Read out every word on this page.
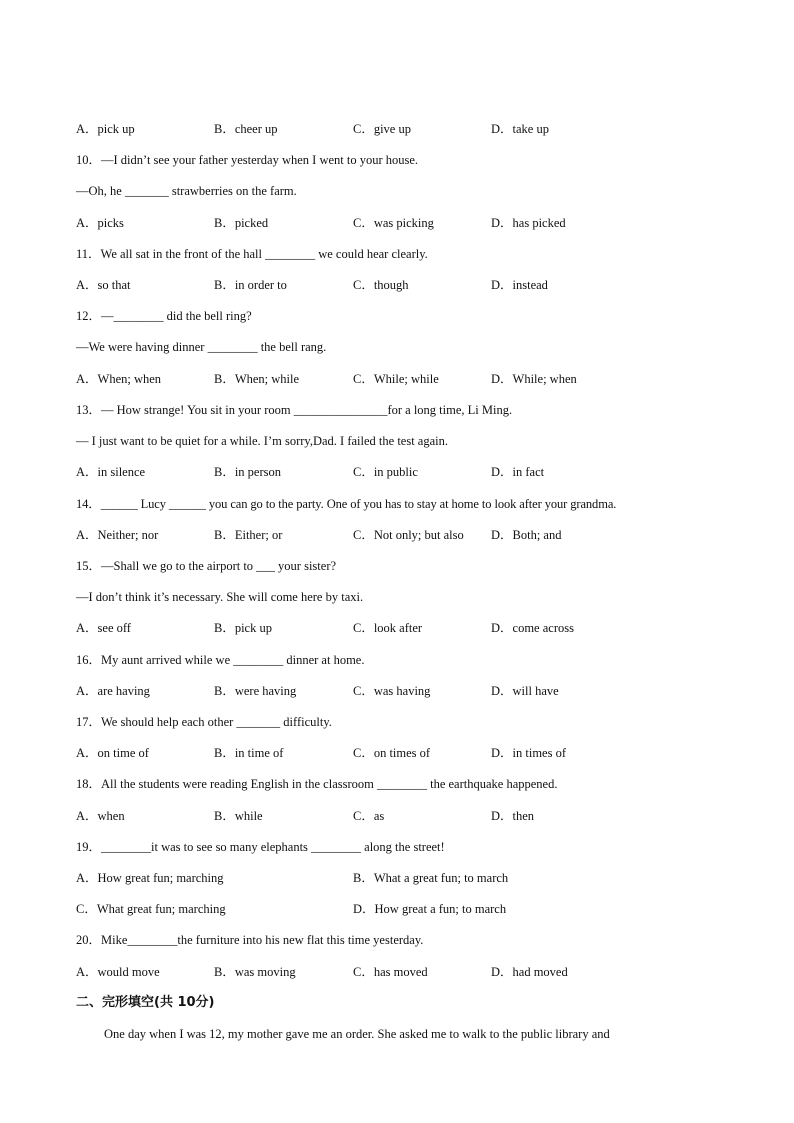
A．pick up	B．cheer up	C．give up	D．take up
10．—I didn’t see your father yesterday when I went to your house.
—Oh, he _______ strawberries on the farm.
A．picks	B．picked	C．was picking	D．has picked
11．We all sat in the front of the hall ________ we could hear clearly.
A．so that	B．in order to	C．though	D．instead
12．—________ did the bell ring?
—We were having dinner ________ the bell rang.
A．When; when	B．When; while	C．While; while	D．While; when
13．— How strange! You sit in your room _______________for a long time, Li Ming.
— I just want to be quiet for a while. I’m sorry,Dad. I failed the test again.
A．in silence	B．in person	C．in public	D．in fact
14．______ Lucy ______ you can go to the party. One of you has to stay at home to look after your grandma.
A．Neither; nor	B．Either; or	C．Not only; but also D．Both; and
15．—Shall we go to the airport to ___ your sister?
—I don’t think it’s necessary. She will come here by taxi.
A．see off	B．pick up	C．look after	D．come across
16．My aunt arrived while we ________ dinner at home.
A．are having	B．were having	C．was having	D．will have
17．We should help each other _______ difficulty.
A．on time of	B．in time of	C．on times of	D．in times of
18．All the students were reading English in the classroom ________ the earthquake happened.
A．when	B．while	C．as	D．then
19．________it was to see so many elephants ________ along the street!
A．How great fun; marching	B．What a great fun; to march
C．What great fun; marching	D．How great a fun; to march
20．Mike________the furniture into his new flat this time yesterday.
A．would move	B．was moving	C．has moved	D．had moved
二、完形填空(共 10分)
One day when I was 12, my mother gave me an order. She asked me to walk to the public library and
